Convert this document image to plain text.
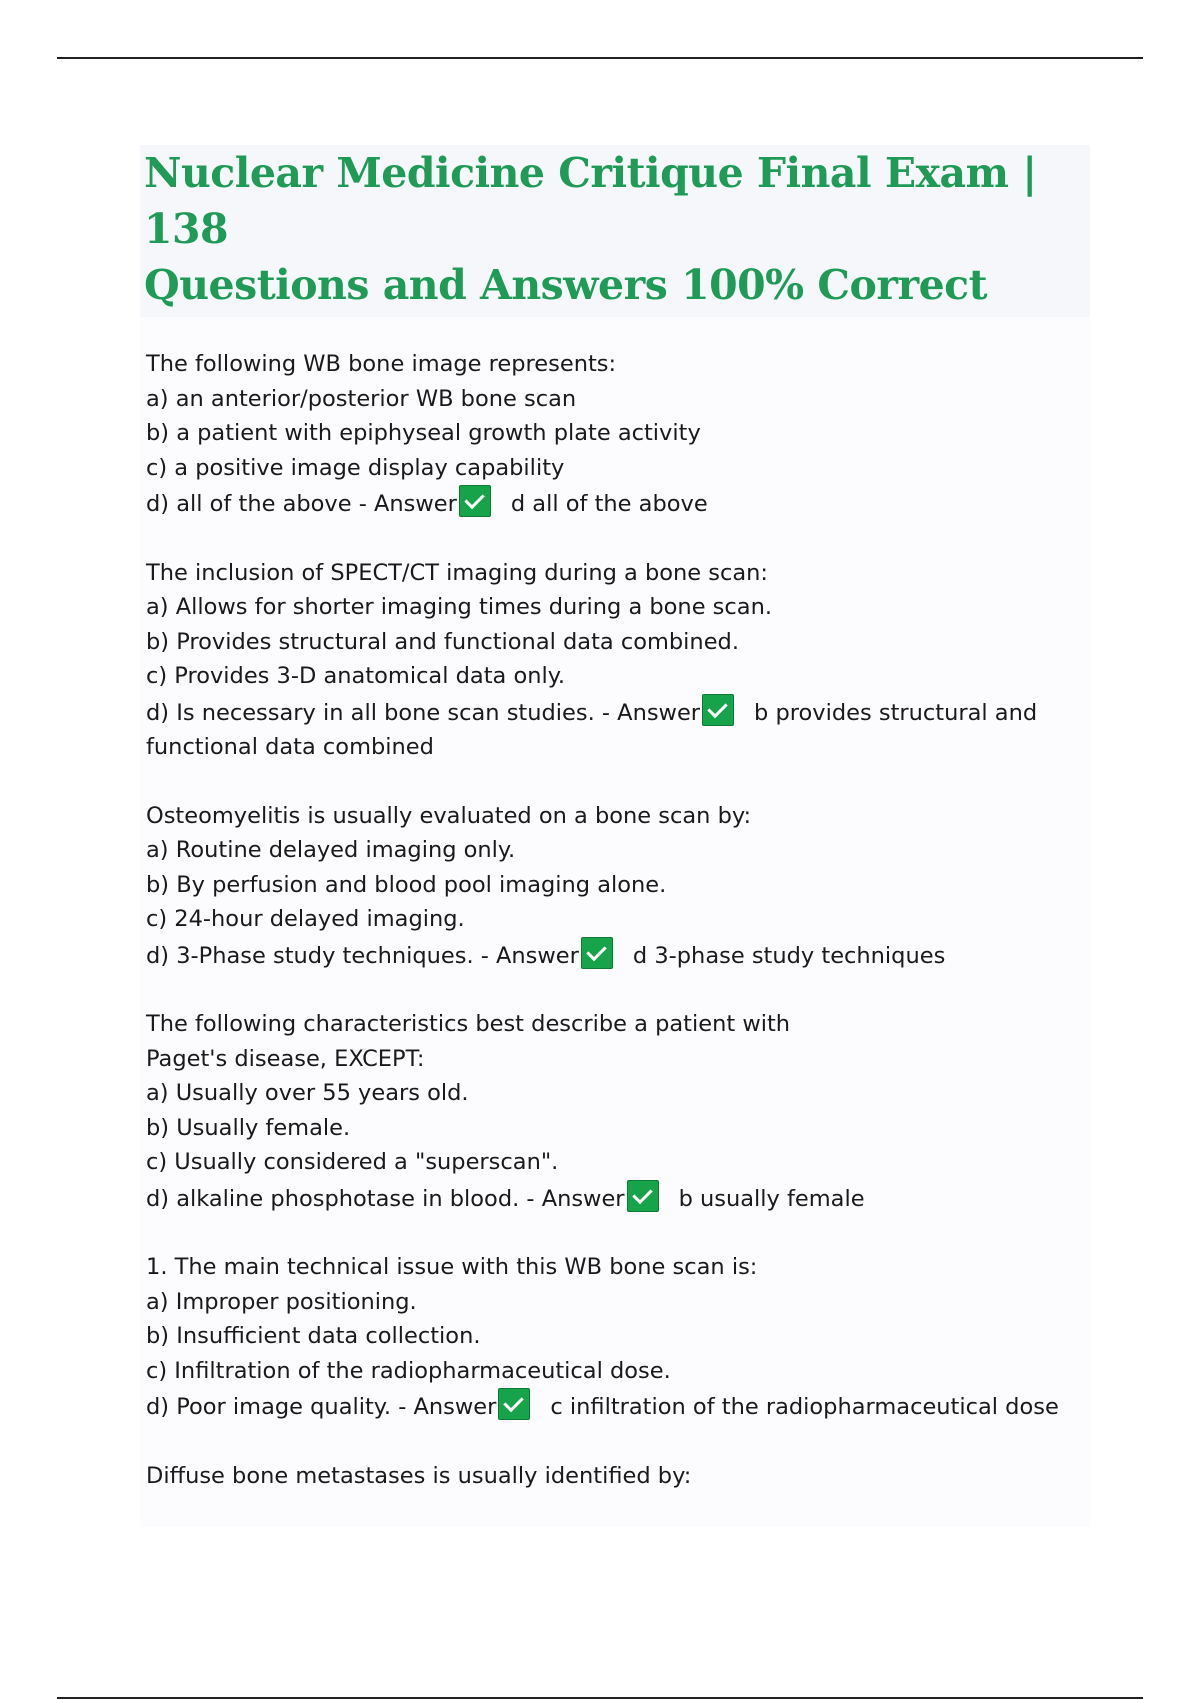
Nuclear Medicine Critique Final Exam | 138
Questions and Answers 100% Correct

The following WB bone image represents:

a) an anterior/posterior WB bone scan

b) a patient with epiphyseal growth plate activity

c) a positive image display capability

d) all of the above - Answer d all of the above

The inclusion of SPECT/CT imaging during a bone scan:

a) Allows for shorter imaging times during a bone scan.

b) Provides structural and functional data combined.

c) Provides 3-D anatomical data only.

d) Is necessary in all bone scan studies. - Answer b provides structural and

functional data combined

Osteomyelitis is usually evaluated on a bone scan by:

a) Routine delayed imaging only.

b) By perfusion and blood pool imaging alone.

c) 24-hour delayed imaging.

d) 3-Phase study techniques. - Answer d 3-phase study techniques

The following characteristics best describe a patient with

Paget's disease, EXCEPT:

a) Usually over 55 years old.

b) Usually female.

c) Usually considered a "superscan".

d) alkaline phosphotase in blood. - Answer b usually female

1. The main technical issue with this WB bone scan is:

a) Improper positioning.

b) Insufficient data collection.

c) Infiltration of the radiopharmaceutical dose.

d) Poor image quality. - Answer c infiltration of the radiopharmaceutical dose

Diffuse bone metastases is usually identified by:
